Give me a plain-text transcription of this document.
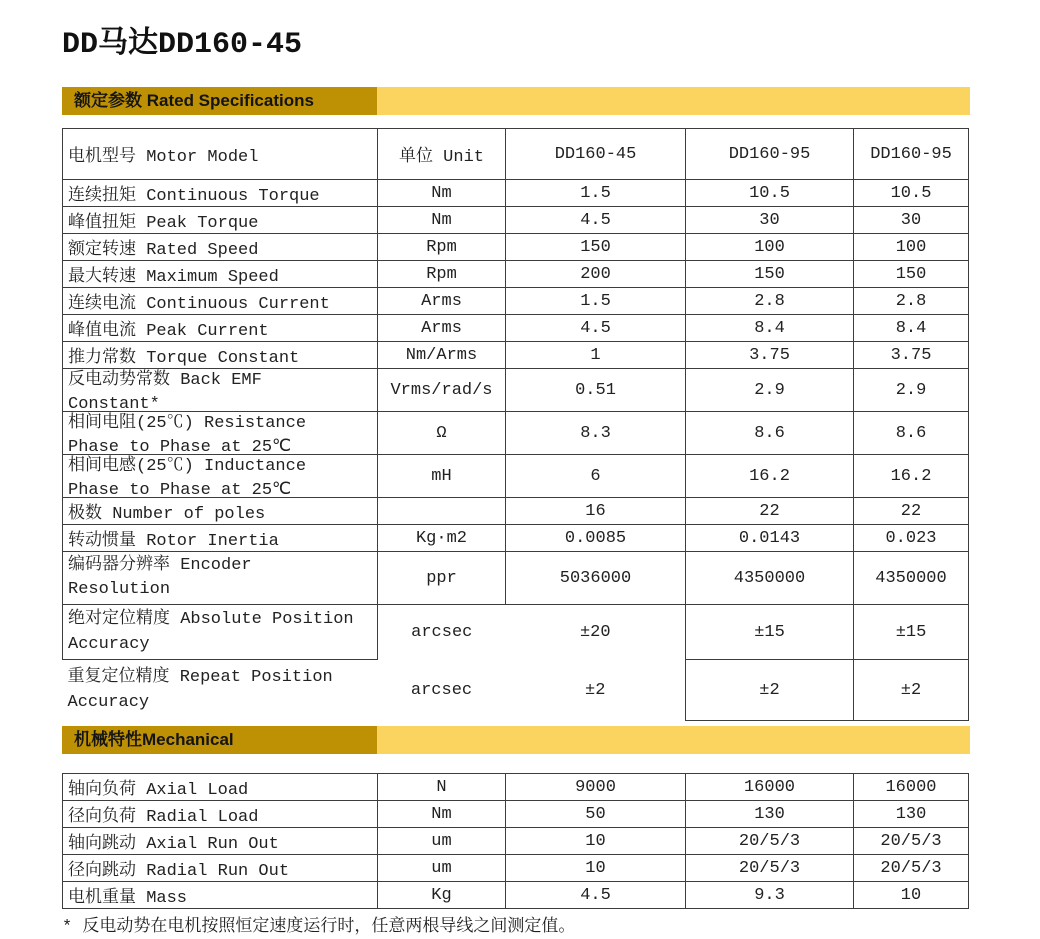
DD马达DD160-45
额定参数 Rated Specifications
电机型号 Motor Model	单位 Unit	DD160-45	DD160-95	DD160-95
连续扭矩 Continuous Torque	Nm	1.5	10.5	10.5
峰值扭矩 Peak Torque	Nm	4.5	30	30
额定转速 Rated Speed	Rpm	150	100	100
最大转速 Maximum Speed	Rpm	200	150	150
连续电流 Continuous Current	Arms	1.5	2.8	2.8
峰值电流 Peak Current	Arms	4.5	8.4	8.4
推力常数 Torque Constant	Nm/Arms	1	3.75	3.75

反电动势常数 Back EMF
Constant*	Vrms/rad/s	0.51	2.9	2.9

相间电阻(25℃) Resistance
Phase to Phase at 25℃	Ω	8.3	8.6	8.6

相间电感(25℃) Inductance
Phase to Phase at 25℃	mH	6	16.2	16.2
极数 Number of poles		16	22	22
转动惯量 Rotor Inertia	Kg·m2	0.0085	0.0143	0.023

编码器分辨率 Encoder
Resolution	ppr	5036000	4350000	4350000

绝对定位精度 Absolute Position
Accuracy	arcsec	±20	±15	±15

重复定位精度 Repeat Position
Accuracy	arcsec	±2	±2	±2
机械特性Mechanical
轴向负荷 Axial Load	N	9000	16000	16000
径向负荷 Radial Load	Nm	50	130	130
轴向跳动 Axial Run Out	um	10	20/5/3	20/5/3
径向跳动 Radial Run Out	um	10	20/5/3	20/5/3
电机重量 Mass	Kg	4.5	9.3	10

* 反电动势在电机按照恒定速度运行时，任意两根导线之间测定值。
